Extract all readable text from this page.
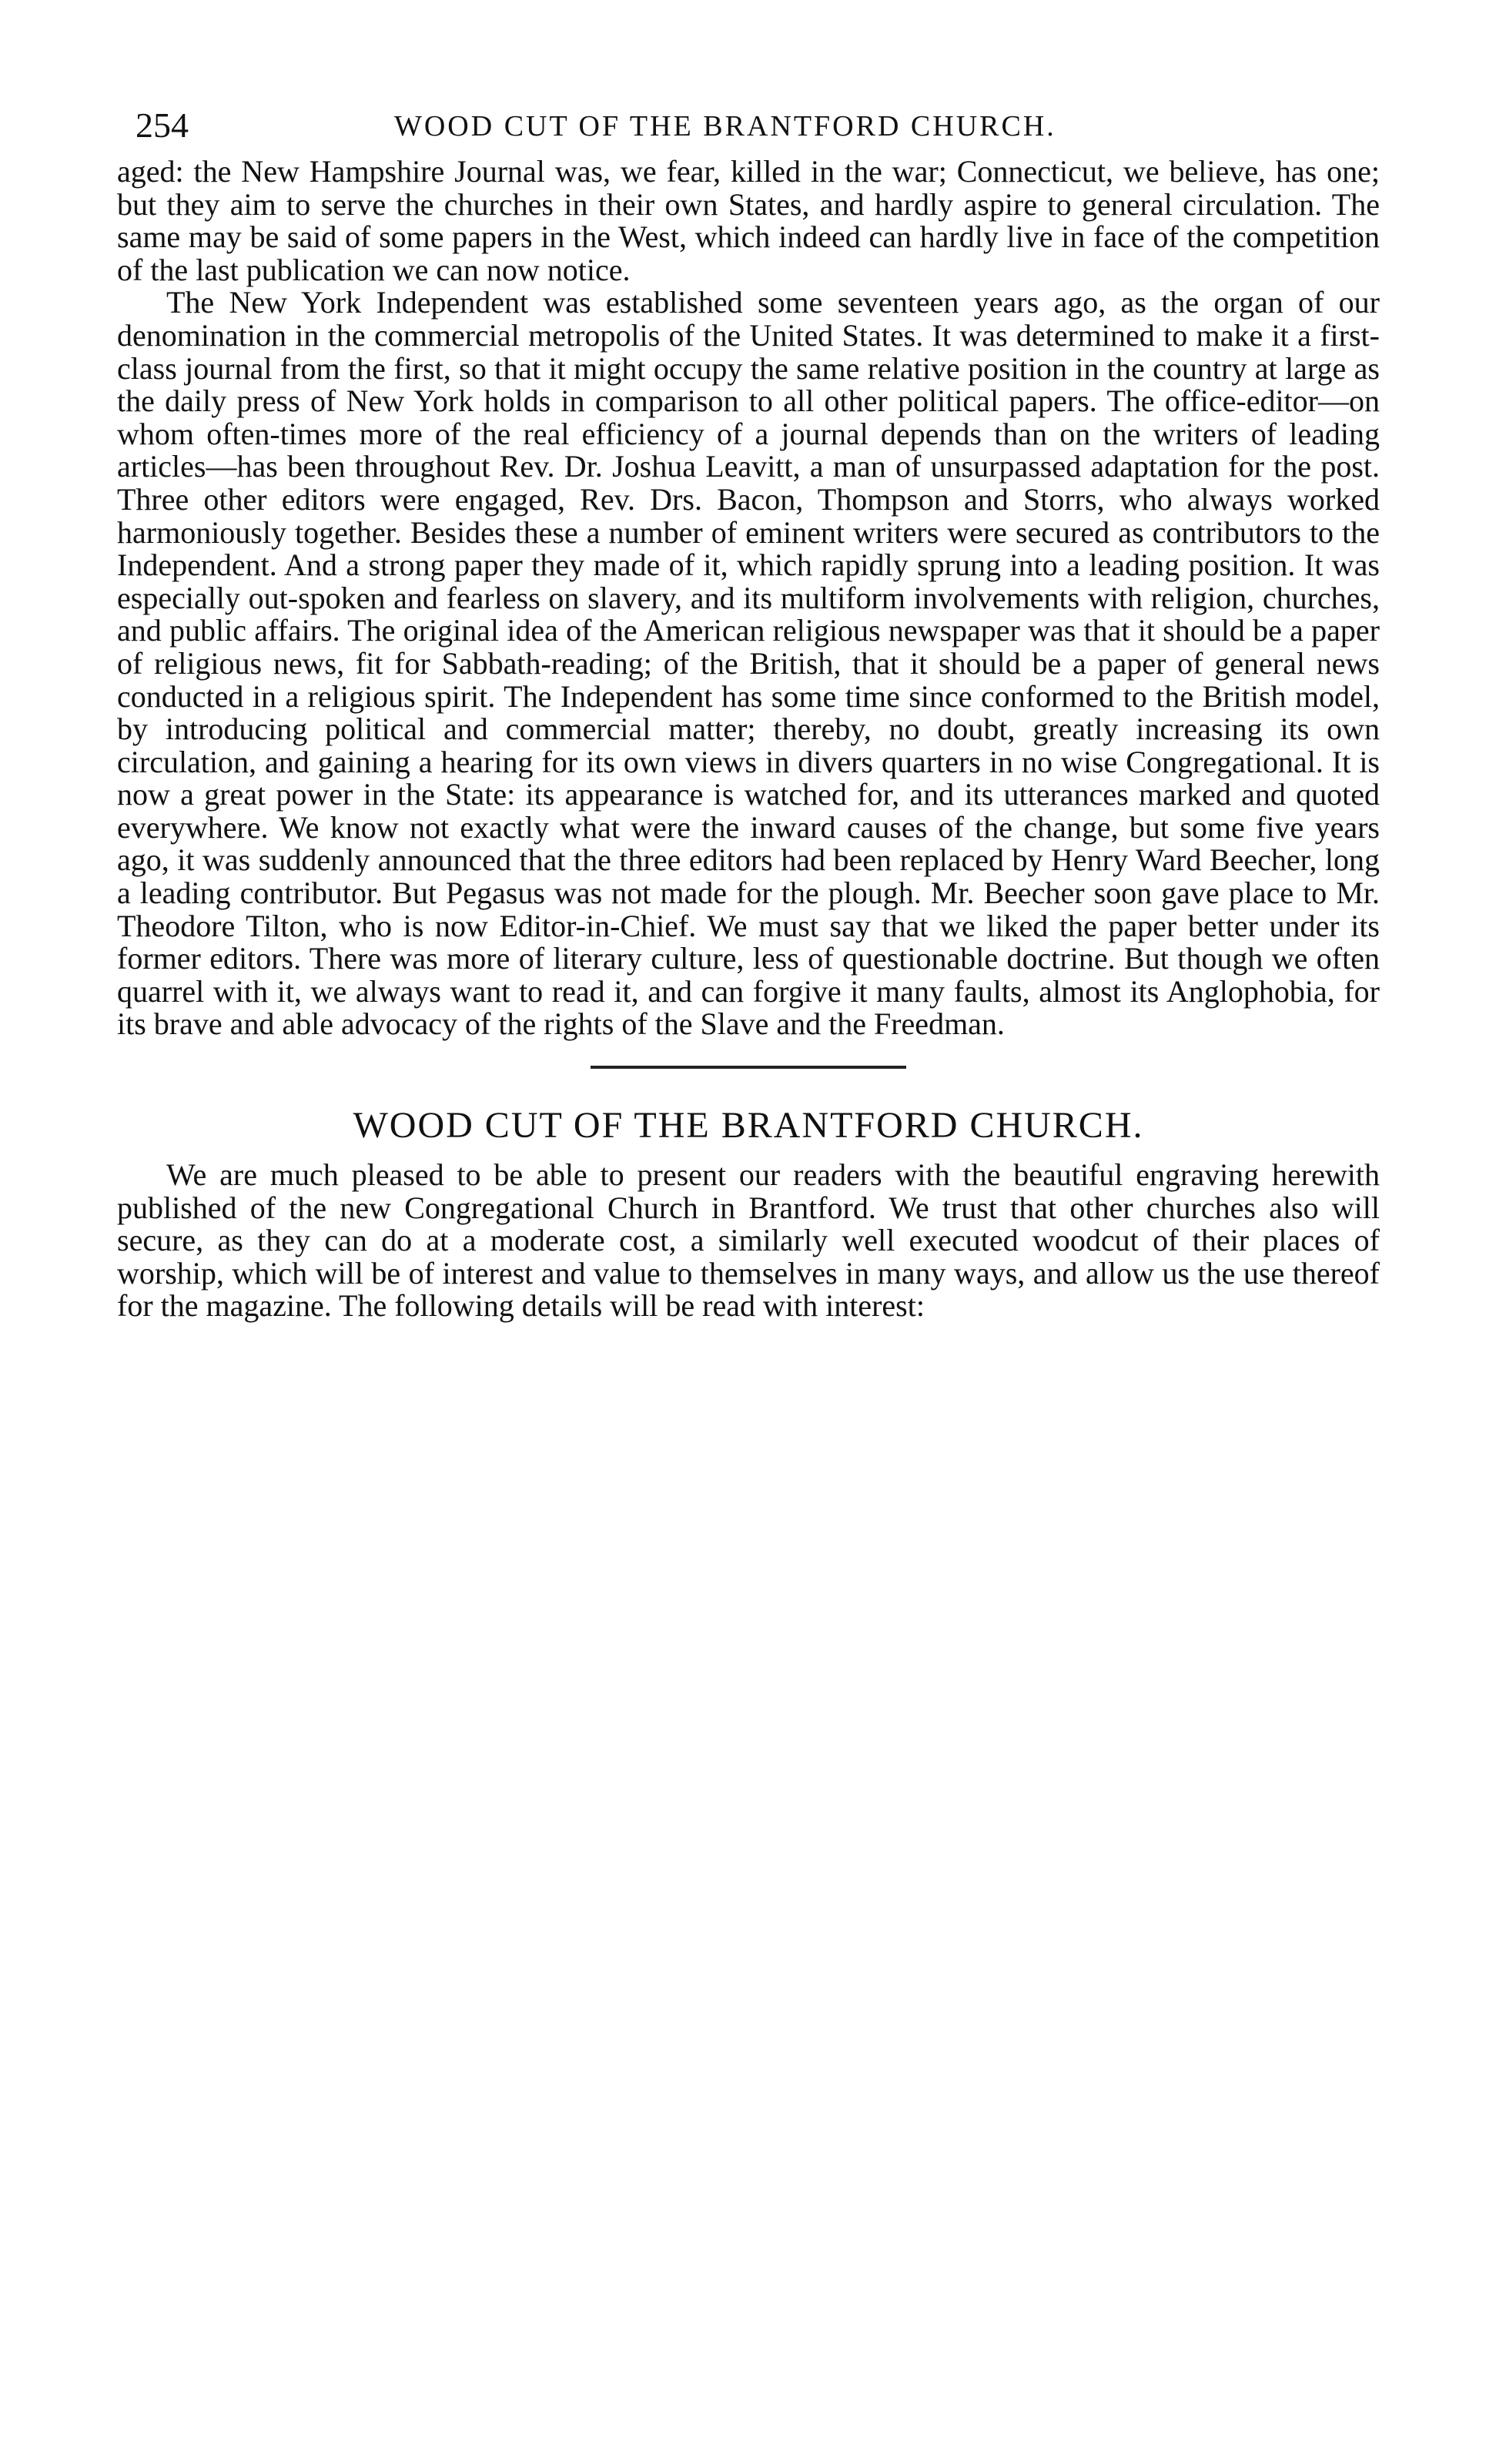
254	WOOD CUT OF THE BRANTFORD CHURCH.

aged: the New Hampshire Journal was, we fear, killed in the war; Connecticut, we believe, has one; but they aim to serve the churches in their own States, and hardly aspire to general circulation. The same may be said of some papers in the West, which indeed can hardly live in face of the competition of the last publication we can now notice.

The New York Independent was established some seventeen years ago, as the organ of our denomination in the commercial metropolis of the United States. It was determined to make it a first-class journal from the first, so that it might occupy the same relative position in the country at large as the daily press of New York holds in comparison to all other political papers. The office-editor—on whom often-times more of the real efficiency of a journal depends than on the writers of leading articles—has been throughout Rev. Dr. Joshua Leavitt, a man of unsurpassed adaptation for the post. Three other editors were engaged, Rev. Drs. Bacon, Thompson and Storrs, who always worked harmoniously together. Besides these a number of eminent writers were secured as contributors to the Independent. And a strong paper they made of it, which rapidly sprung into a leading position. It was especially out-spoken and fearless on slavery, and its multiform involvements with religion, churches, and public affairs. The original idea of the American religious newspaper was that it should be a paper of religious news, fit for Sabbath-reading; of the British, that it should be a paper of general news conducted in a religious spirit. The Independent has some time since conformed to the British model, by introducing political and commercial matter; thereby, no doubt, greatly increasing its own circulation, and gaining a hearing for its own views in divers quarters in no wise Congregational. It is now a great power in the State: its appearance is watched for, and its utterances marked and quoted everywhere. We know not exactly what were the inward causes of the change, but some five years ago, it was suddenly announced that the three editors had been replaced by Henry Ward Beecher, long a leading contributor. But Pegasus was not made for the plough. Mr. Beecher soon gave place to Mr. Theodore Tilton, who is now Editor-in-Chief. We must say that we liked the paper better under its former editors. There was more of literary culture, less of questionable doctrine. But though we often quarrel with it, we always want to read it, and can forgive it many faults, almost its Anglophobia, for its brave and able advocacy of the rights of the Slave and the Freedman.

WOOD CUT OF THE BRANTFORD CHURCH.

We are much pleased to be able to present our readers with the beautiful engraving herewith published of the new Congregational Church in Brantford. We trust that other churches also will secure, as they can do at a moderate cost, a similarly well executed woodcut of their places of worship, which will be of interest and value to themselves in many ways, and allow us the use thereof for the magazine. The following details will be read with interest:
